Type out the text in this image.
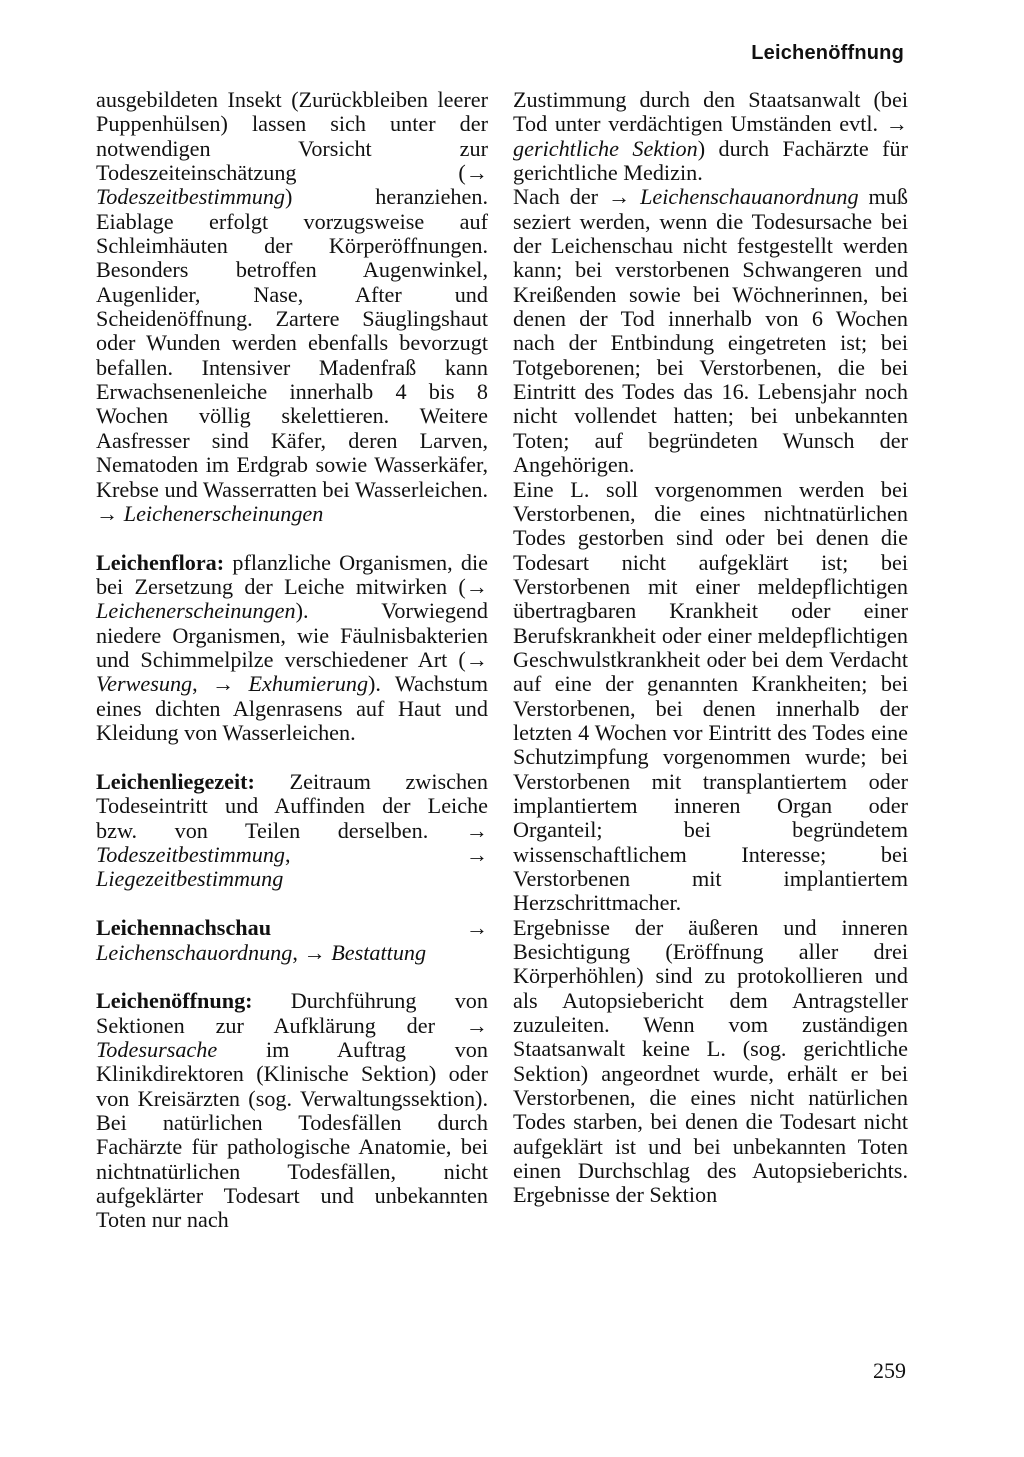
Leichenöffnung

ausgebildeten Insekt (Zurückbleiben leerer Puppenhülsen) lassen sich unter der notwendigen Vorsicht zur Todeszeiteinschätzung (→ Todeszeitbestimmung) heranziehen. Eiablage erfolgt vorzugsweise auf Schleimhäuten der Körperöffnungen. Besonders betroffen Augenwinkel, Augenlider, Nase, After und Scheidenöffnung. Zartere Säuglingshaut oder Wunden werden ebenfalls bevorzugt befallen. Intensiver Madenfraß kann Erwachsenenleiche innerhalb 4 bis 8 Wochen völlig skelettieren. Weitere Aasfresser sind Käfer, deren Larven, Nematoden im Erdgrab sowie Wasserkäfer, Krebse und Wasserratten bei Wasserleichen. → Leichenerscheinungen

Leichenflora: pflanzliche Organismen, die bei Zersetzung der Leiche mitwirken (→ Leichenerscheinungen). Vorwiegend niedere Organismen, wie Fäulnisbakterien und Schimmelpilze verschiedener Art (→ Verwesung, → Exhumierung). Wachstum eines dichten Algenrasens auf Haut und Kleidung von Wasserleichen.

Leichenliegezeit: Zeitraum zwischen Todeseintritt und Auffinden der Leiche bzw. von Teilen derselben. → Todeszeitbestimmung, → Liegezeitbestimmung

Leichennachschau → Leichenschauordnung, → Bestattung

Leichenöffnung: Durchführung von Sektionen zur Aufklärung der → Todesursache im Auftrag von Klinikdirektoren (Klinische Sektion) oder von Kreisärzten (sog. Verwaltungssektion). Bei natürlichen Todesfällen durch Fachärzte für pathologische Anatomie, bei nichtnatürlichen Todesfällen, nicht aufgeklärter Todesart und unbekannten Toten nur nach

Zustimmung durch den Staatsanwalt (bei Tod unter verdächtigen Umständen evtl. → gerichtliche Sektion) durch Fachärzte für gerichtliche Medizin.

Nach der → Leichenschauanordnung muß seziert werden, wenn die Todesursache bei der Leichenschau nicht festgestellt werden kann; bei verstorbenen Schwangeren und Kreißenden sowie bei Wöchnerinnen, bei denen der Tod innerhalb von 6 Wochen nach der Entbindung eingetreten ist; bei Totgeborenen; bei Verstorbenen, die bei Eintritt des Todes das 16. Lebensjahr noch nicht vollendet hatten; bei unbekannten Toten; auf begründeten Wunsch der Angehörigen.

Eine L. soll vorgenommen werden bei Verstorbenen, die eines nichtnatürlichen Todes gestorben sind oder bei denen die Todesart nicht aufgeklärt ist; bei Verstorbenen mit einer meldepflichtigen übertragbaren Krankheit oder einer Berufskrankheit oder einer meldepflichtigen Geschwulstkrankheit oder bei dem Verdacht auf eine der genannten Krankheiten; bei Verstorbenen, bei denen innerhalb der letzten 4 Wochen vor Eintritt des Todes eine Schutzimpfung vorgenommen wurde; bei Verstorbenen mit transplantiertem oder implantiertem inneren Organ oder Organteil; bei begründetem wissenschaftlichem Interesse; bei Verstorbenen mit implantiertem Herzschrittmacher.

Ergebnisse der äußeren und inneren Besichtigung (Eröffnung aller drei Körperhöhlen) sind zu protokollieren und als Autopsiebericht dem Antragsteller zuzuleiten. Wenn vom zuständigen Staatsanwalt keine L. (sog. gerichtliche Sektion) angeordnet wurde, erhält er bei Verstorbenen, die eines nicht natürlichen Todes starben, bei denen die Todesart nicht aufgeklärt ist und bei unbekannten Toten einen Durchschlag des Autopsieberichts. Ergebnisse der Sektion

259
